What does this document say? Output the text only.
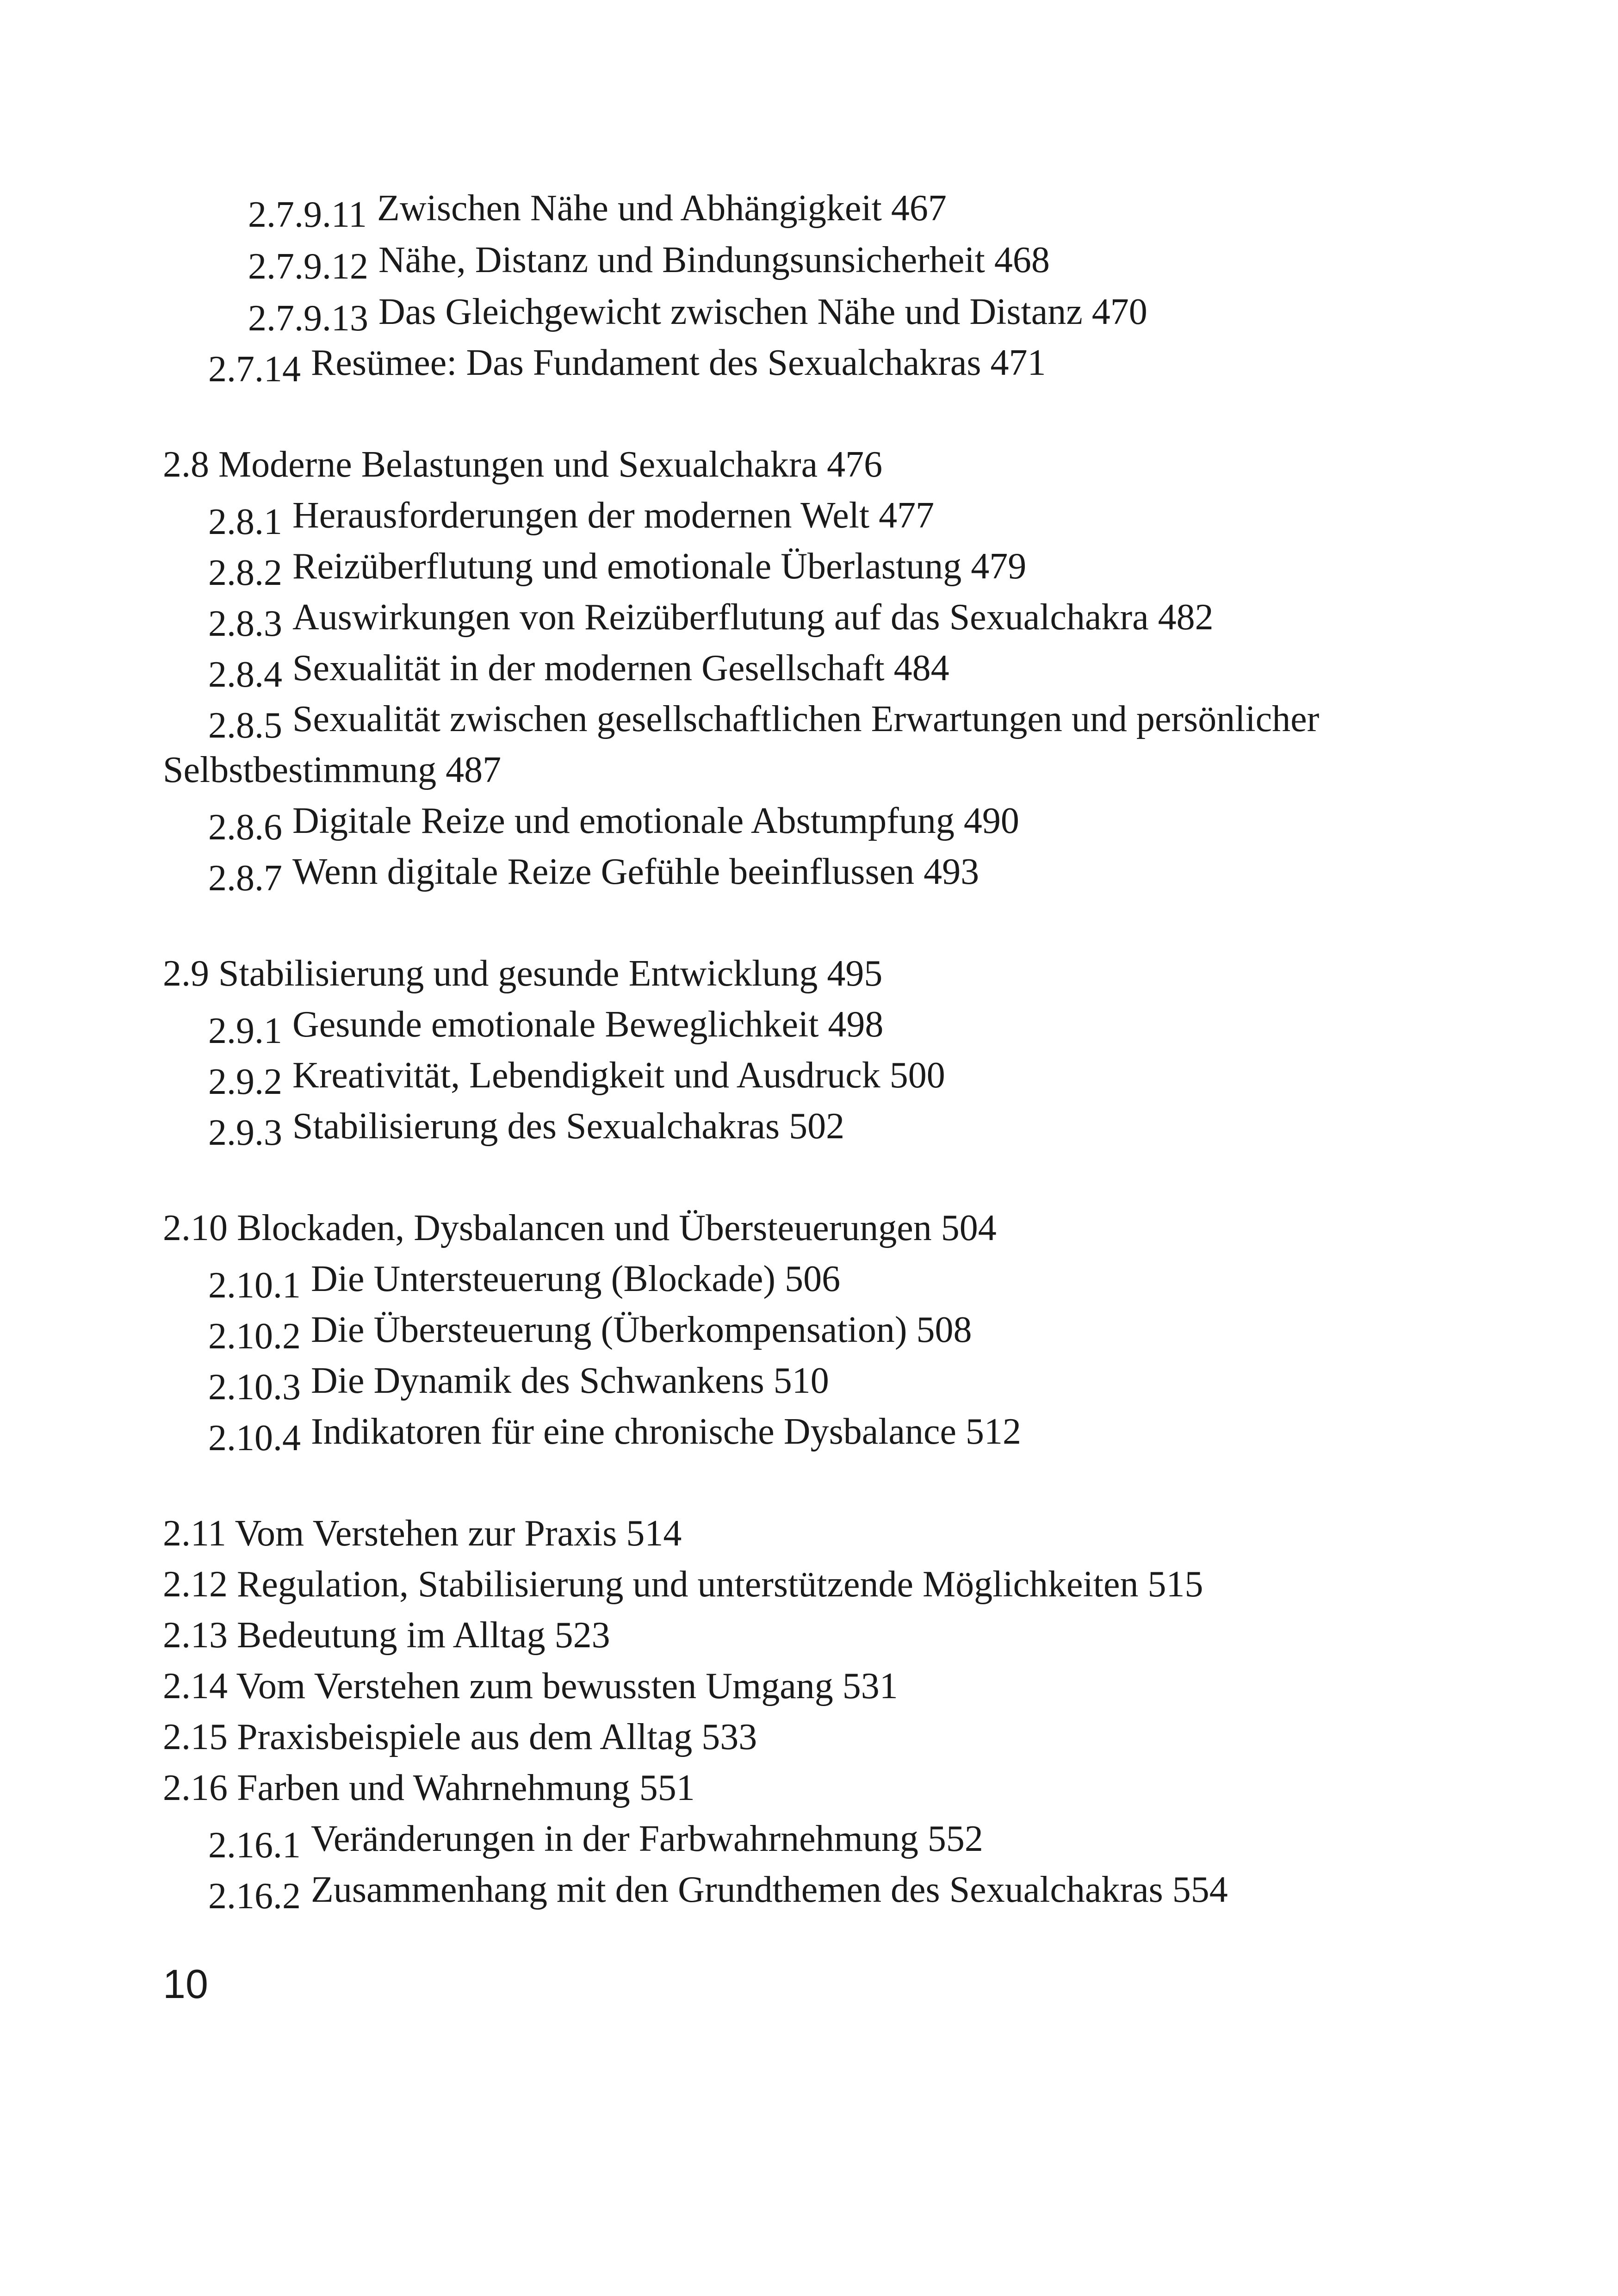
2.7.9.11 Zwischen Nähe und Abhängigkeit 467
2.7.9.12 Nähe, Distanz und Bindungsunsicherheit 468
2.7.9.13 Das Gleichgewicht zwischen Nähe und Distanz 470
2.7.14 Resümee: Das Fundament des Sexualchakras 471
2.8 Moderne Belastungen und Sexualchakra 476
2.8.1 Herausforderungen der modernen Welt 477
2.8.2 Reizüberflutung und emotionale Überlastung 479
2.8.3 Auswirkungen von Reizüberflutung auf das Sexualchakra 482
2.8.4 Sexualität in der modernen Gesellschaft 484
2.8.5 Sexualität zwischen gesellschaftlichen Erwartungen und persönlicher
Selbstbestimmung 487
2.8.6 Digitale Reize und emotionale Abstumpfung 490
2.8.7 Wenn digitale Reize Gefühle beeinflussen 493
2.9 Stabilisierung und gesunde Entwicklung 495
2.9.1 Gesunde emotionale Beweglichkeit 498
2.9.2 Kreativität, Lebendigkeit und Ausdruck 500
2.9.3 Stabilisierung des Sexualchakras 502
2.10 Blockaden, Dysbalancen und Übersteuerungen 504
2.10.1 Die Untersteuerung (Blockade) 506
2.10.2 Die Übersteuerung (Überkompensation) 508
2.10.3 Die Dynamik des Schwankens 510
2.10.4 Indikatoren für eine chronische Dysbalance 512
2.11 Vom Verstehen zur Praxis 514
2.12 Regulation, Stabilisierung und unterstützende Möglichkeiten 515
2.13 Bedeutung im Alltag 523
2.14 Vom Verstehen zum bewussten Umgang 531
2.15 Praxisbeispiele aus dem Alltag 533
2.16 Farben und Wahrnehmung 551
2.16.1 Veränderungen in der Farbwahrnehmung 552
2.16.2 Zusammenhang mit den Grundthemen des Sexualchakras 554
10
